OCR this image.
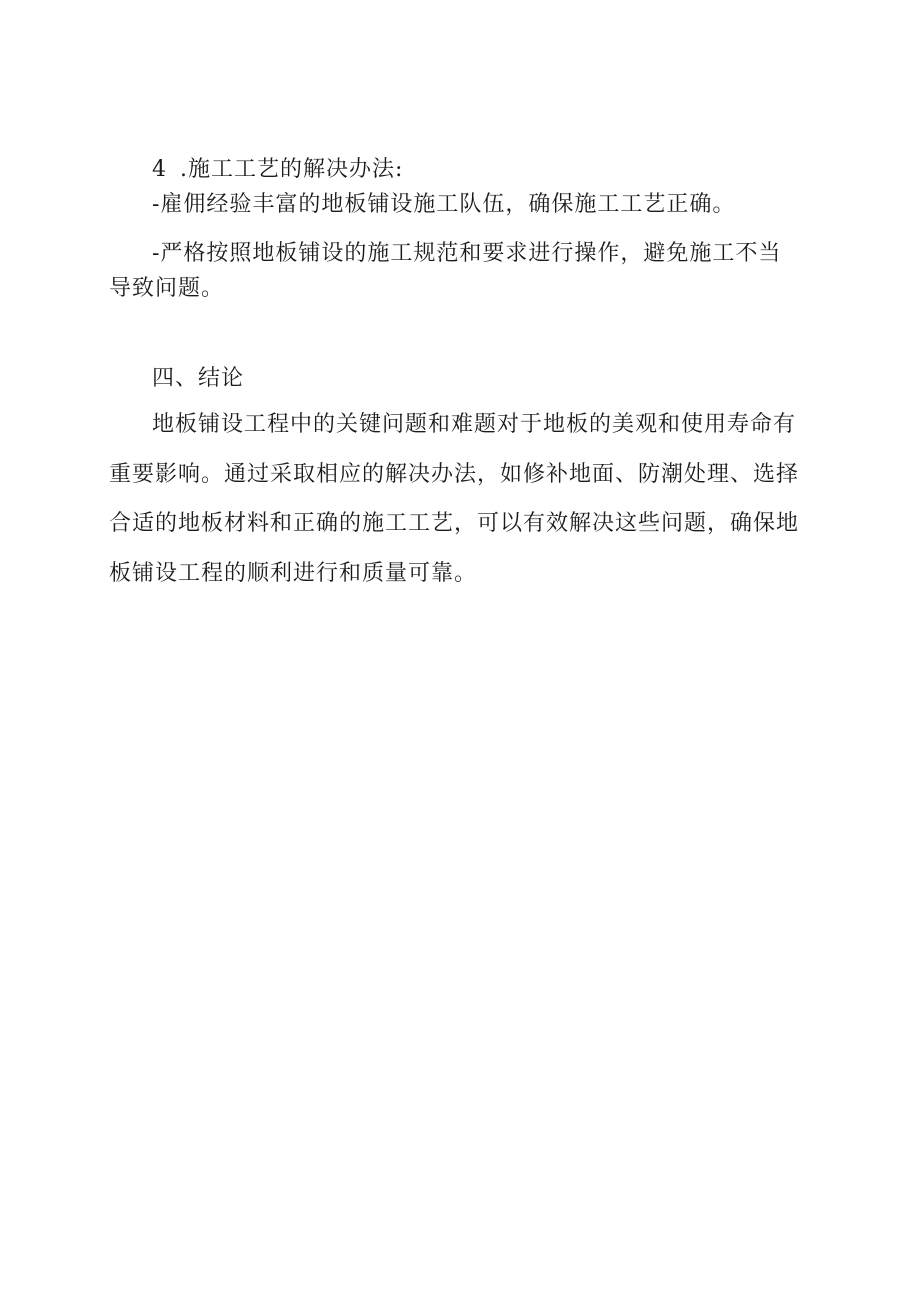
4 .施工工艺的解决办法:
-雇佣经验丰富的地板铺设施工队伍，确保施工工艺正确。
-严格按照地板铺设的施工规范和要求进行操作，避免施工不当
导致问题。
四、结论
地板铺设工程中的关键问题和难题对于地板的美观和使用寿命有
重要影响。通过采取相应的解决办法，如修补地面、防潮处理、选择
合适的地板材料和正确的施工工艺，可以有效解决这些问题，确保地
板铺设工程的顺利进行和质量可靠。
